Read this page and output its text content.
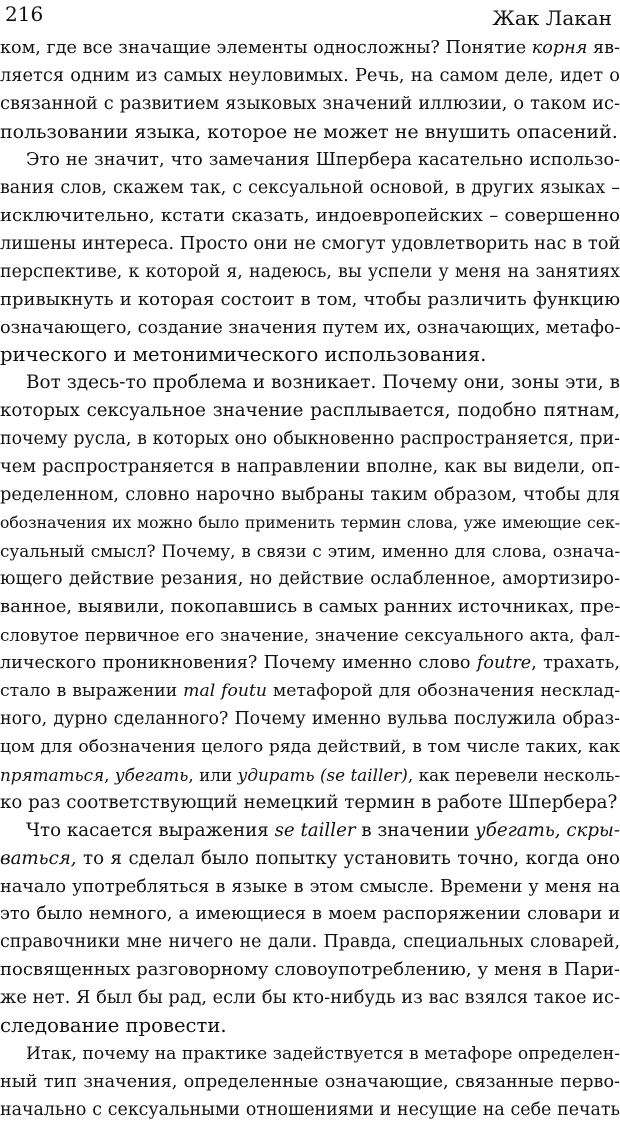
216	Жак Лакан
ком, где все значащие элементы односложны? Понятие корня яв-
ляется одним из самых неуловимых. Речь, на самом деле, идет о
связанной с развитием языковых значений иллюзии, о таком ис-
пользовании языка, которое не может не внушить опасений.
Это не значит, что замечания Шпербера касательно использо-
вания слов, скажем так, с сексуальной основой, в других языках –
исключительно, кстати сказать, индоевропейских – совершенно
лишены интереса. Просто они не смогут удовлетворить нас в той
перспективе, к которой я, надеюсь, вы успели у меня на занятиях
привыкнуть и которая состоит в том, чтобы различить функцию
означающего, создание значения путем их, означающих, метафо-
рического и метонимического использования.
Вот здесь-то проблема и возникает. Почему они, зоны эти, в
которых сексуальное значение расплывается, подобно пятнам,
почему русла, в которых оно обыкновенно распространяется, при-
чем распространяется в направлении вполне, как вы видели, оп-
ределенном, словно нарочно выбраны таким образом, чтобы для
обозначения их можно было применить термин слова, уже имеющие сек-
суальный смысл? Почему, в связи с этим, именно для слова, означа-
ющего действие резания, но действие ослабленное, амортизиро-
ванное, выявили, покопавшись в самых ранних источниках, пре-
словутое первичное его значение, значение сексуального акта, фал-
лического проникновения? Почему именно слово foutre, трахать,
стало в выражении mal foutu метафорой для обозначения несклад-
ного, дурно сделанного? Почему именно вульва послужила образ-
цом для обозначения целого ряда действий, в том числе таких, как
прятаться, убегать, или удирать (se tailler), как перевели несколь-
ко раз соответствующий немецкий термин в работе Шпербера?
Что касается выражения se tailler в значении убегать, скры-
ваться, то я сделал было попытку установить точно, когда оно
начало употребляться в языке в этом смысле. Времени у меня на
это было немного, а имеющиеся в моем распоряжении словари и
справочники мне ничего не дали. Правда, специальных словарей,
посвященных разговорному словоупотреблению, у меня в Пари-
же нет. Я был бы рад, если бы кто-нибудь из вас взялся такое ис-
следование провести.
Итак, почему на практике задействуется в метафоре определен-
ный тип значения, определенные означающие, связанные перво-
начально с сексуальными отношениями и несущие на себе печать
